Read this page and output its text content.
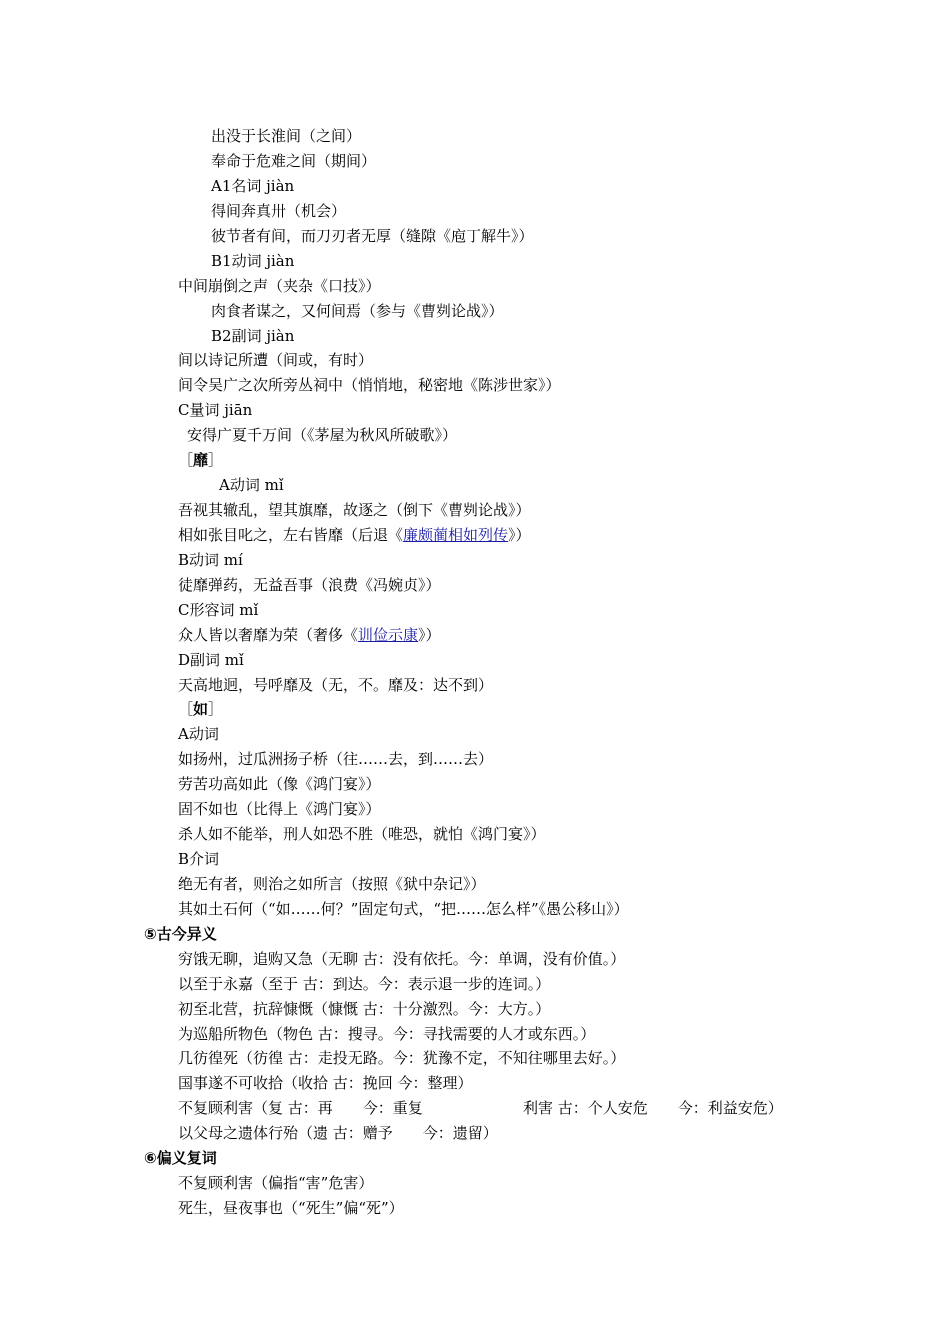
出没于长淮间（之间）
奉命于危难之间（期间）
A1名词 jiàn
得间奔真卅（机会）
彼节者有间，而刀刃者无厚（缝隙《庖丁解牛》）
B1动词 jiàn
中间崩倒之声（夹杂《口技》）
肉食者谋之，又何间焉（参与《曹刿论战》）
B2副词 jiàn
间以诗记所遭（间或，有时）
间令吴广之次所旁丛祠中（悄悄地，秘密地《陈涉世家》）
C量词 jiān
安得广夏千万间（《茅屋为秋风所破歌》）
［靡］
A动词 mǐ
吾视其辙乱，望其旗靡，故逐之（倒下《曹刿论战》）
相如张目叱之，左右皆靡（后退《廉颇蔺相如列传》）
B动词 mí
徒靡弹药，无益吾事（浪费《冯婉贞》）
C形容词 mǐ
众人皆以奢靡为荣（奢侈《训俭示康》）
D副词 mǐ
天高地迥，号呼靡及（无，不。靡及：达不到）
［如］
A动词
如扬州，过瓜洲扬子桥（往……去，到……去）
劳苦功高如此（像《鸿门宴》）
固不如也（比得上《鸿门宴》）
杀人如不能举，刑人如恐不胜（唯恐，就怕《鸿门宴》）
B介词
绝无有者，则治之如所言（按照《狱中杂记》）
其如土石何（“如……何？”固定句式，“把……怎么样”《愚公移山》）
⑤古今异义
穷饿无聊，追购又急（无聊 古：没有依托。今：单调，没有价值。）
以至于永嘉（至于 古：到达。今：表示退一步的连词。）
初至北营，抗辞慷慨（慷慨 古：十分激烈。今：大方。）
为巡船所物色（物色 古：搜寻。今：寻找需要的人才或东西。）
几彷徨死（彷徨 古：走投无路。今：犹豫不定，不知往哪里去好。）
国事遂不可收拾（收拾 古：挽回 今：整理）
不复顾利害（复 古：再　　今：重复	利害 古：个人安危　　今：利益安危）
以父母之遗体行殆（遗 古：赠予　　今：遗留）
⑥偏义复词
不复顾利害（偏指“害”危害）
死生，昼夜事也（“死生”偏“死”）
